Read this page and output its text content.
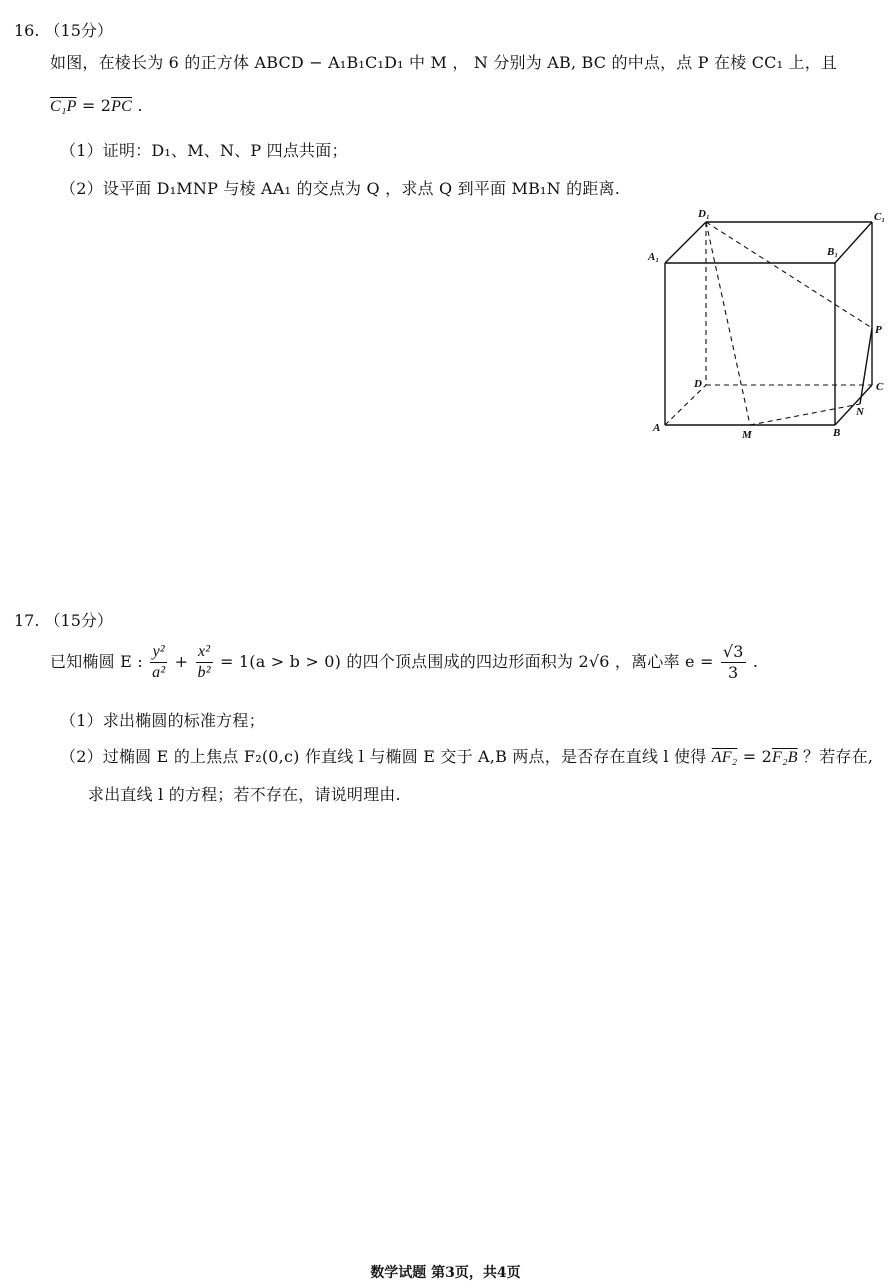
16. （15分）
如图，在棱长为 6 的正方体 ABCD − A₁B₁C₁D₁ 中 M ， N 分别为 AB, BC 的中点，点 P 在棱 CC₁ 上，且
$C_1P = 2\overline{PC}$ .
（1）证明：D₁、M、N、P 四点共面；
（2）设平面 D₁MNP 与棱 AA₁ 的交点为 Q ，求点 Q 到平面 MB₁N 的距离.
D₁	C₁
A₁	B₁
P
D	C
A
M	B
N
17. （15分）
已知椭圆 E : $\frac{\text{y²}}{\text{a²}} + \frac{\text{x²}}{\text{b²}} = 1(a > b > 0)$ 的四个顶点围成的四边形面积为 2√6 ，离心率 $e = \frac{√3}{3}$ .
（1）求出椭圆的标准方程；
（2）过椭圆 E 的上焦点 F₂(0,c) 作直线 l 与椭圆 E 交于 A,B 两点，是否存在直线 l 使得 AF₂ = 2F₂B ？若存在,
求出直线 l 的方程；若不存在，请说明理由.
数学试题 第3页，共4页
